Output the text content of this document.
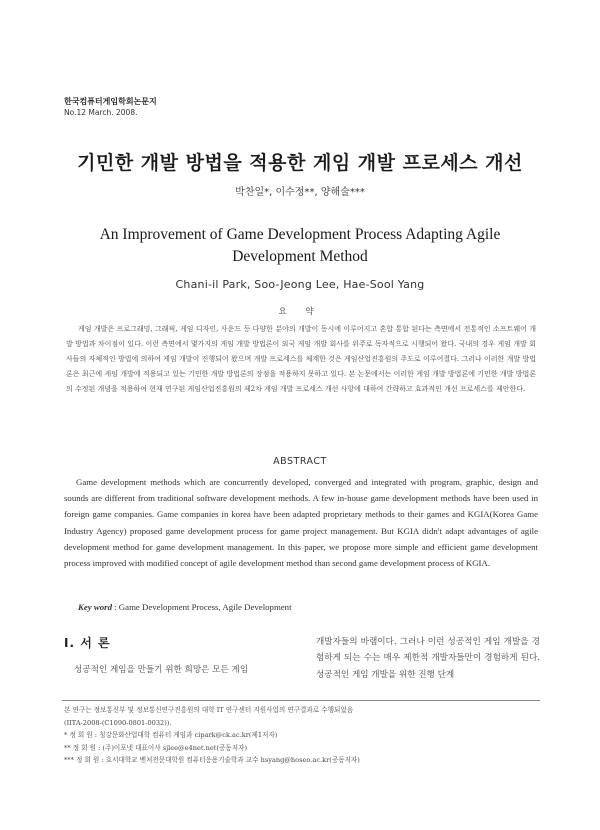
한국컴퓨터게임학회논문지
No.12 March. 2008.
기민한 개발 방법을 적용한 게임 개발 프로세스 개선
박찬일*, 이수정**, 양해술***
An Improvement of Game Development Process Adapting Agile Development Method
Chani-il Park, Soo-Jeong Lee, Hae-Sool Yang
요 약
게임 개발은 프로그래밍, 그래픽, 게임 디자인, 사운드 등 다양한 분야의 개발이 동시에 이루어지고 혼합 통합 된다는 측면에서 전통적인 소프트웨어 개발 방법과 차이점이 있다. 이런 측면에서 몇가지의 게임 개발 방법론이 외국 게임 개발 회사를 위주로 독자적으로 시행되어 왔다. 국내의 경우 게임 개발 회사들의 자체적인 방법에 의하여 게임 개발이 진행되어 왔으며 개발 프로세스를 체계한 것은 게임산업진흥원의 주도로 이루어졌다. 그러나 이러한 개발 방법론은 최근에 게임 개발에 적용되고 있는 기민한 개발 방법론의 장점을 적용하지 못하고 있다. 본 논문에서는 이러한 게임 개발 방법론에 기민한 개발 방법론의 수정된 개념을 적용하여 현재 연구된 게임산업진흥원의 제2차 게임 개발 프로세스 개선 사항에 대하여 간략하고 효과적인 개선 프로세스를 제안한다.
ABSTRACT
Game development methods which are concurrently developed, converged and integrated with program, graphic, design and sounds are different from traditional software development methods. A few in-house game development methods have been used in foreign game companies. Game companies in korea have been adapted proprietary methods to their games and KGIA(Korea Game Industry Agency) proposed game development process for game project management. But KGIA didn't adapt advantages of agile development method for game development management. In this paper, we propose more simple and efficient game development process improved with modified concept of agile development method than second game development process of KGIA.
Key word : Game Development Process, Agile Development
Ⅰ. 서 론
성공적인 게임을 만들기 위한 희망은 모든 게임
개발자들의 바램이다. 그러나 이런 성공적인 게임 개발을 경험하게 되는 수는 매우 제한적 개발자들만이 경험하게 된다. 성공적인 게임 개발을 위한 진행 단계
본 연구는 정보통신부 및 정보통신연구진흥원의 대학 IT 연구센터 지원사업의 연구결과로 수행되었음
(IITA-2008-(C1090-0801-0032)).
* 정 회 원 : 청강문화산업대학 컴퓨터 게임과 cipark@ck.ac.kr(제1저자)
** 정 회 원 : (주)이포넷 대표이사 sjlee@e4net.net(공동저자)
*** 정 회 원 : 호서대학교 벤처전문대학원 컴퓨터응용기술학과 교수 hsyang@hoseo.ac.kr(공동저자)
